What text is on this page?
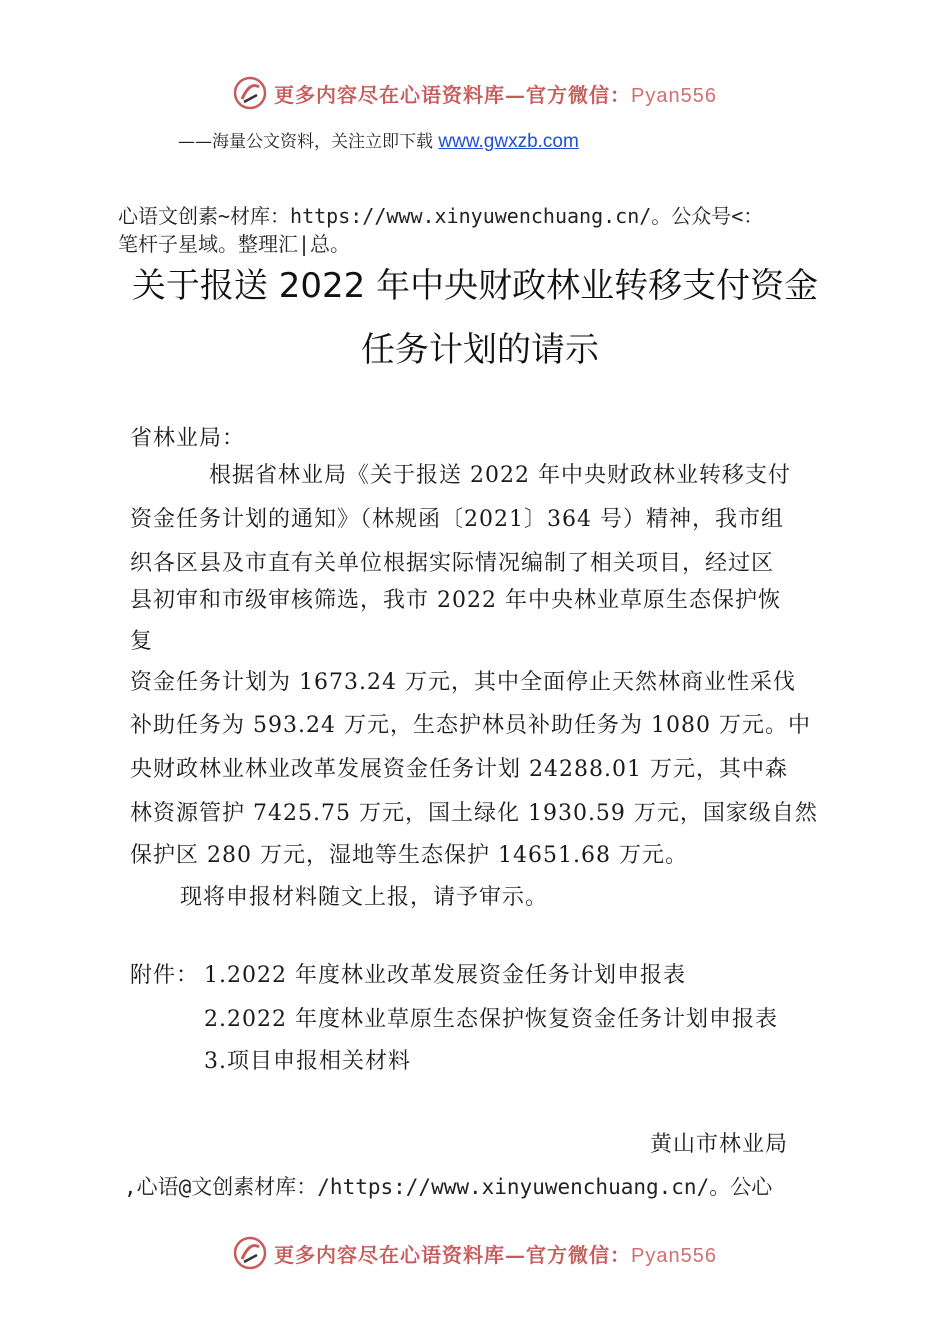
更多内容尽在心语资料库—官方微信：Pyan556
——海量公文资料，关注立即下载 www.gwxzb.com
心语文创素~材库：https://www.xinyuwenchuang.cn/。公众号<：
笔杆子星域。整理汇|总。
关于报送 2022 年中央财政林业转移支付资金
任务计划的请示
省林业局：
根据省林业局《关于报送 2022 年中央财政林业转移支付
资金任务计划的通知》（林规函〔2021〕364 号）精神，我市组
织各区县及市直有关单位根据实际情况编制了相关项目，经过区
县初审和市级审核筛选，我市 2022 年中央林业草原生态保护恢
复
资金任务计划为 1673.24 万元，其中全面停止天然林商业性采伐
补助任务为 593.24 万元，生态护林员补助任务为 1080 万元。中
央财政林业林业改革发展资金任务计划 24288.01 万元，其中森
林资源管护 7425.75 万元，国土绿化 1930.59 万元，国家级自然
保护区 280 万元，湿地等生态保护 14651.68 万元。
现将申报材料随文上报，请予审示。
附件： 1.2022 年度林业改革发展资金任务计划申报表
2.2022 年度林业草原生态保护恢复资金任务计划申报表
3.项目申报相关材料
黄山市林业局
,心语@文创素材库：/https://www.xinyuwenchuang.cn/。公心
更多内容尽在心语资料库—官方微信：Pyan556
